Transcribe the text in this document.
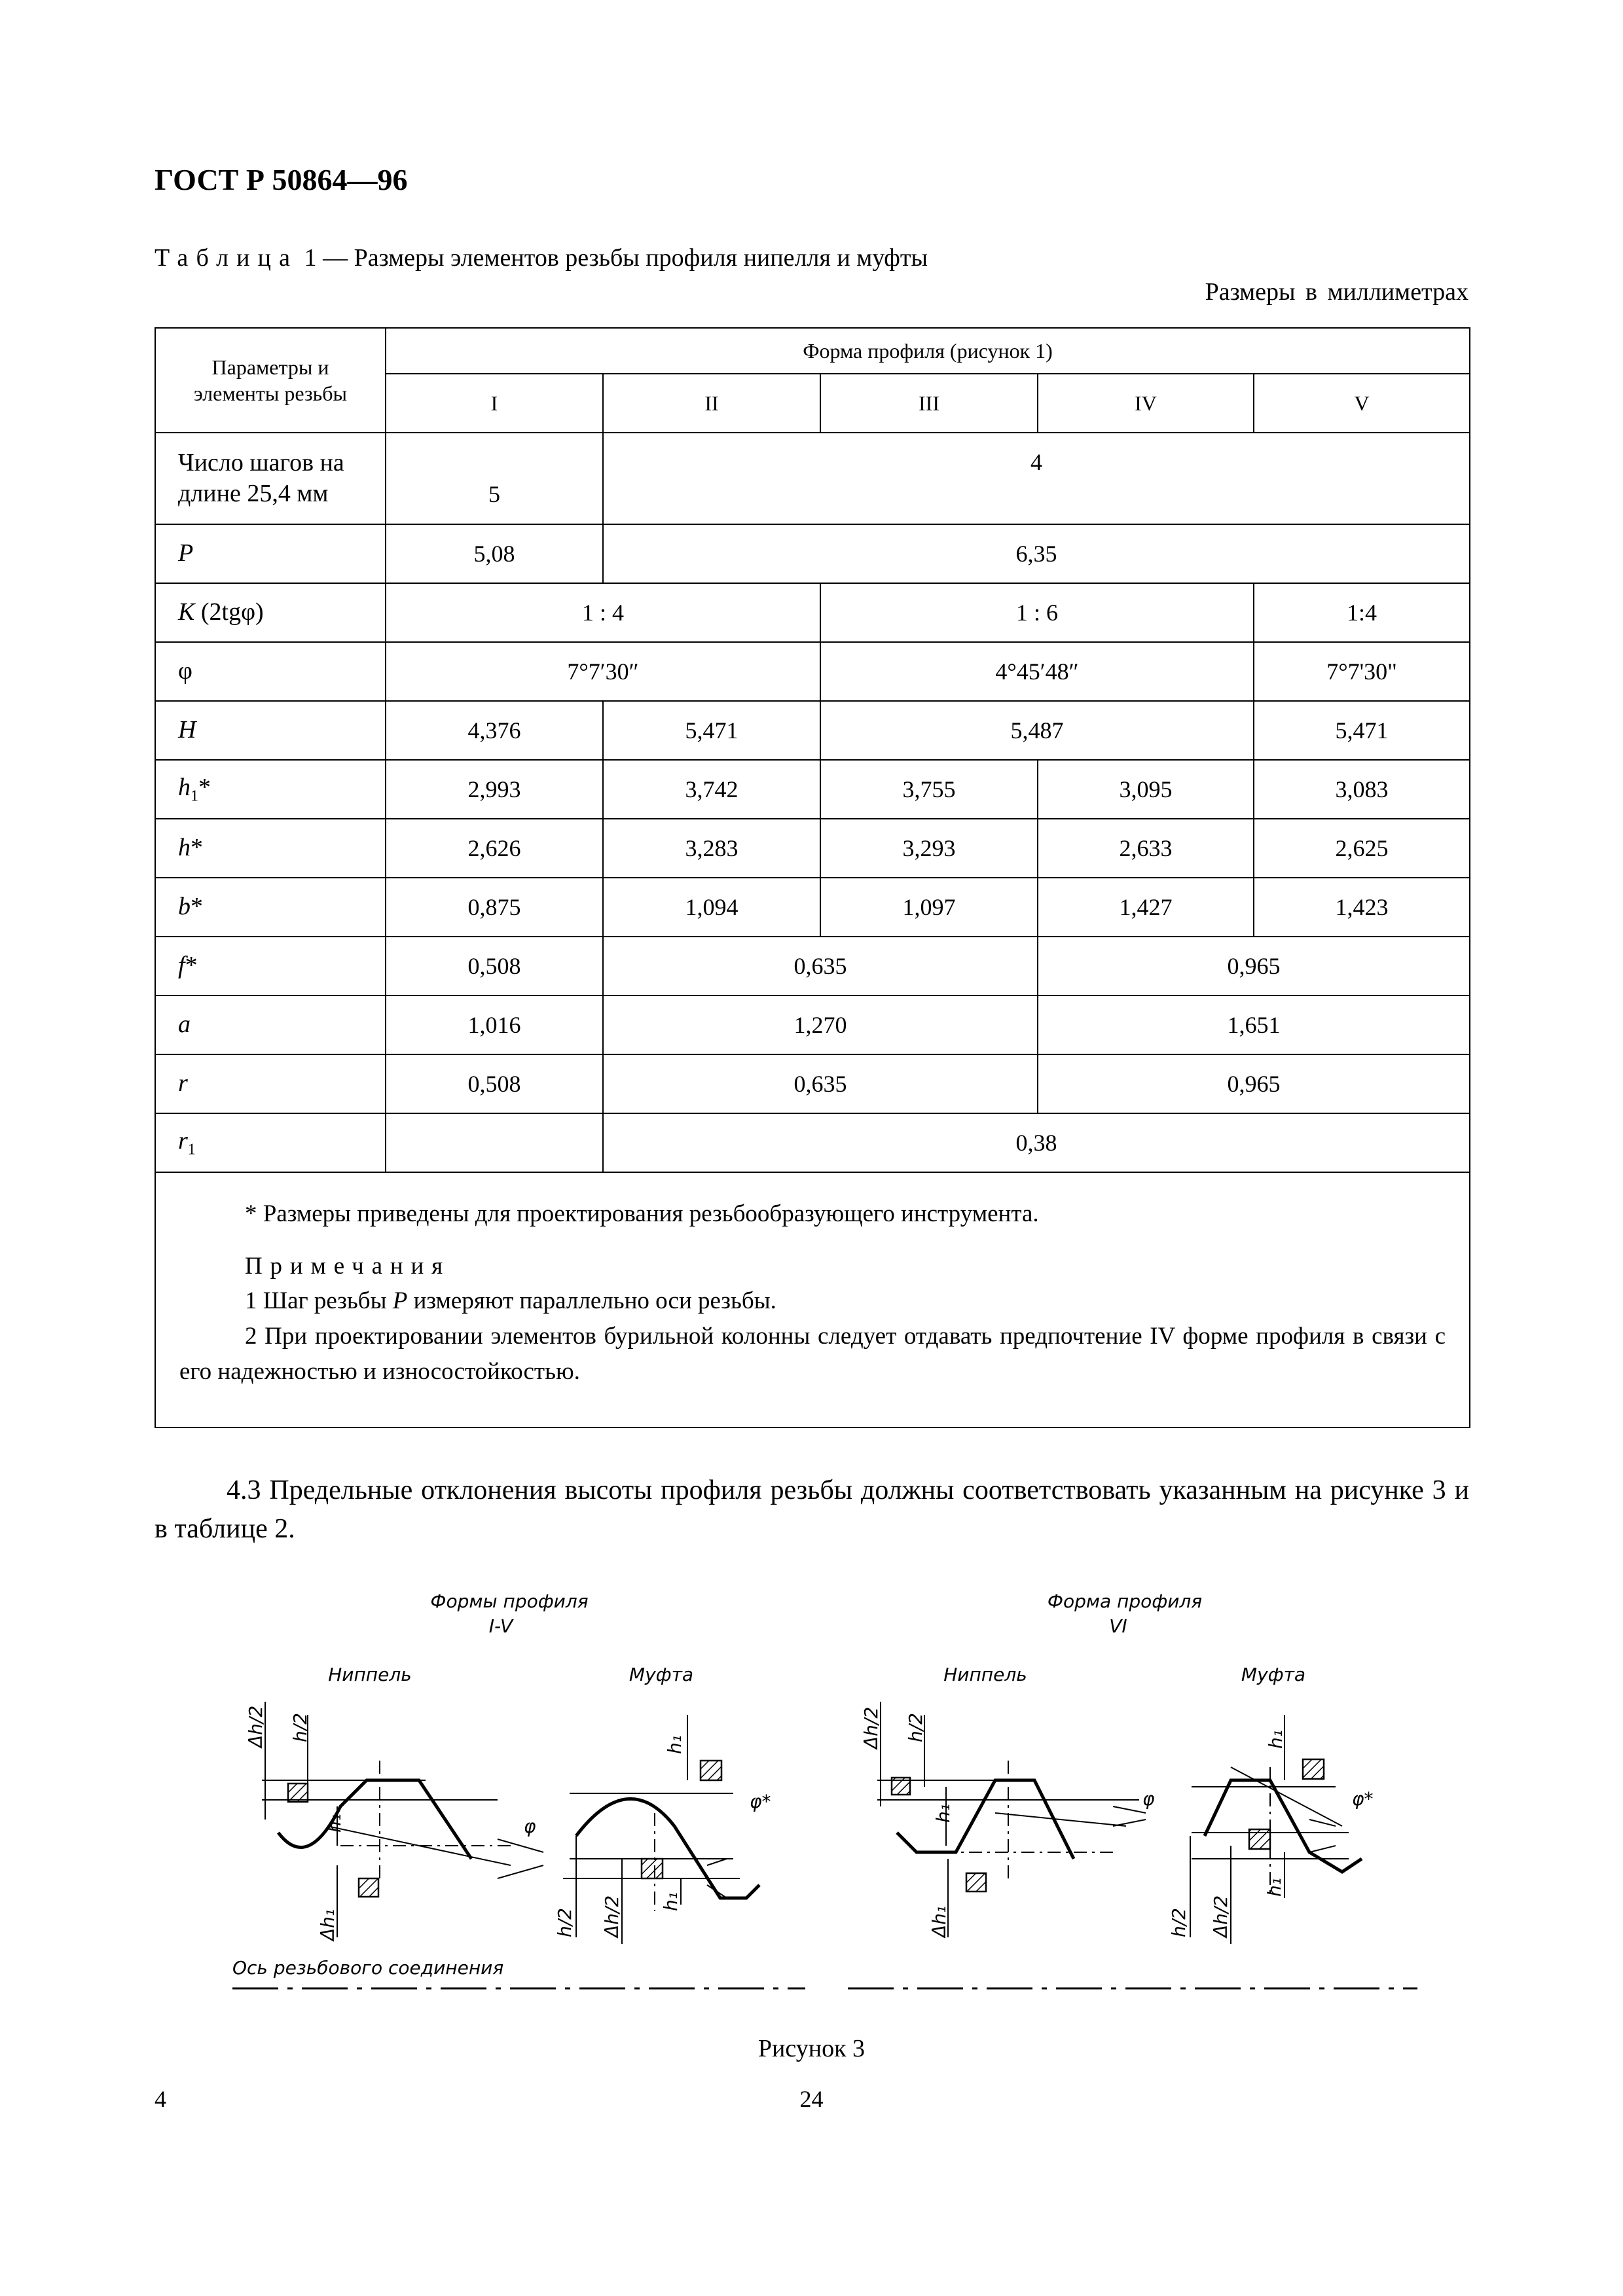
ГОСТ Р 50864—96
Таблица 1 — Размеры элементов резьбы профиля нипелля и муфты
Размеры в миллиметрах
Параметры и элементы резьбы	Форма профиля (рисунок 1)				
	I	II	III	IV	V
Число шагов на длине 25,4 мм	5	4			
P	5,08	6,35			
K (2tgφ)	1 : 4		1 : 6		1:4
φ	7°7′30″		4°45′48″		7°7'30"
H	4,376	5,471	5,487		5,471
$h_1*$	2,993	3,742	3,755	3,095	3,083
h*	2,626	3,283	3,293	2,633	2,625
b*	0,875	1,094	1,097	1,427	1,423
f*	0,508	0,635		0,965	
a	1,016	1,270		1,651	
r	0,508	0,635		0,965	
$r_1$		0,38			

* Размеры приведены для проектирования резьбообразующего инструмента.
Примечания
1 Шаг резьбы P измеряют параллельно оси резьбы.
2 При проектировании элементов бурильной колонны следует отдавать предпочтение IV форме профиля в связи с его надежностью и износостойкостью.					
4.3 Предельные отклонения высоты профиля резьбы должны соответствовать указанным на рисунке 3 и в таблице 2.
Формы профиля
I-V
Ниппель	Муфта
Форма профиля
VI
Ниппель	Муфта
Δh/2 h/2
h₁
Δh₁
φ
h₁
h/2 Δh/2 h₁
φ*
Δh/2 h/2
h₁
Δh₁
φ
h₁
h/2 Δh/2
h₁
φ*
Ось резьбового соединения
Рисунок 3
4	24
